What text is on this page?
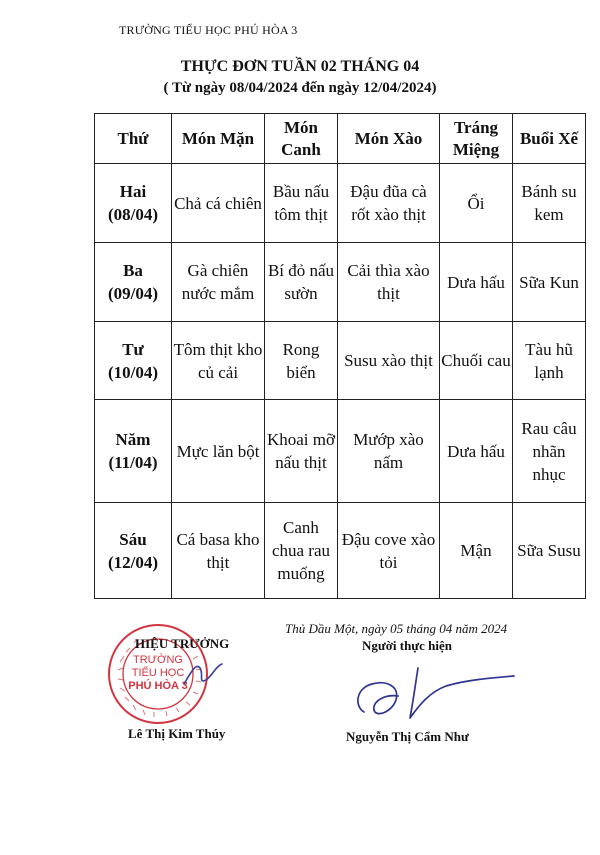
TRƯỜNG TIỂU HỌC PHÚ HÒA 3
THỰC ĐƠN TUẦN 02 THÁNG 04
( Từ ngày 08/04/2024 đến ngày 12/04/2024)
Thứ	Món Mặn	Món Canh	Món Xào	Tráng Miệng	Buổi Xế
Hai
(08/04)	Chả cá chiên	Bầu nấu tôm thịt	Đậu đũa cà rốt xào thịt	Ổi	Bánh su kem
Ba
(09/04)	Gà chiên nước mắm	Bí đỏ nấu sườn	Cải thìa xào thịt	Dưa hấu	Sữa Kun
Tư
(10/04)	Tôm thịt kho củ cải	Rong biển	Susu xào thịt	Chuối cau	Tàu hũ lạnh
Năm
(11/04)	Mực lăn bột	Khoai mỡ nấu thịt	Mướp xào nấm	Dưa hấu	Rau câu nhãn nhục
Sáu
(12/04)	Cá basa kho thịt	Canh chua rau muống	Đậu cove xào tỏi	Mận	Sữa Susu
Thủ Dầu Một, ngày 05 tháng 04 năm 2024
Người thực hiện
TRƯỜNG
TIỂU HỌC
PHÚ HÒA 3
HIỆU TRƯỞNG
Lê Thị Kim Thúy	Nguyễn Thị Cẩm Như
